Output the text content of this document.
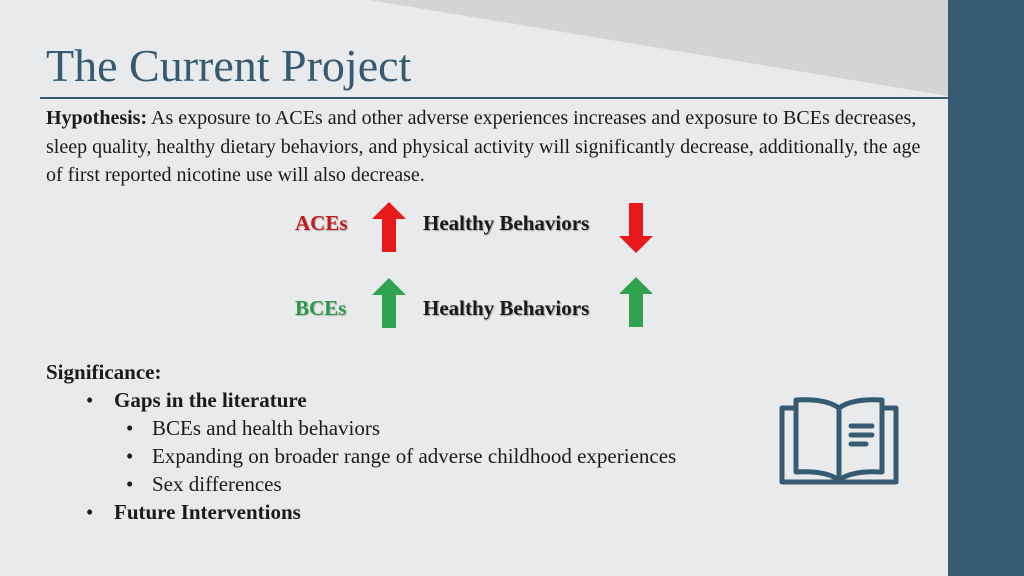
The Current Project

Hypothesis: As exposure to ACEs and other adverse experiences increases and exposure to BCEs decreases, sleep quality, healthy dietary behaviors, and physical activity will significantly decrease, additionally, the age of first reported nicotine use will also decrease.

ACEs	Healthy Behaviors
BCEs	Healthy Behaviors

Significance:

• Gaps in the literature
• BCEs and health behaviors
• Expanding on broader range of adverse childhood experiences
• Sex differences
• Future Interventions
